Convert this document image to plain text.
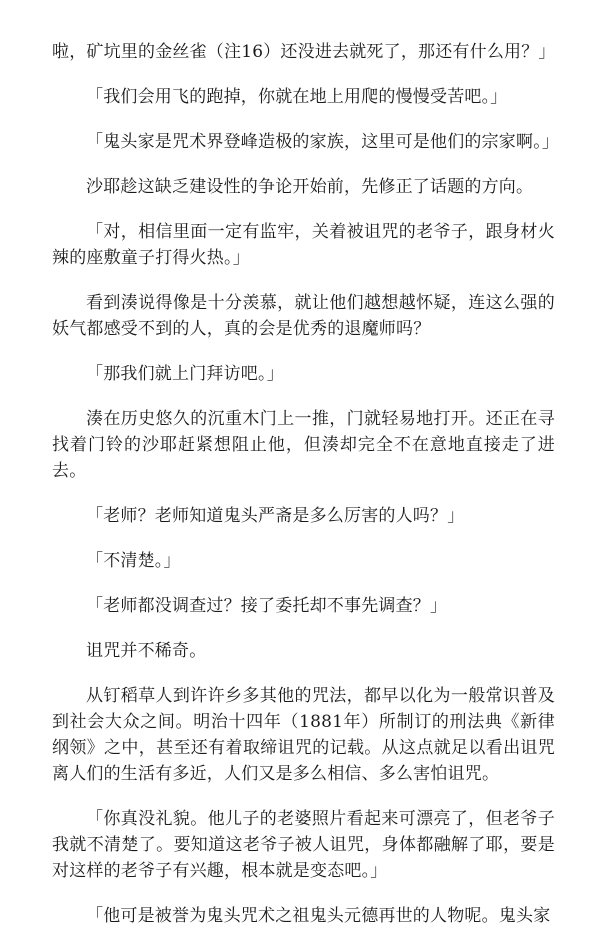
啦，矿坑里的金丝雀（注16）还没进去就死了，那还有什么用？」

「我们会用飞的跑掉，你就在地上用爬的慢慢受苦吧。」

「鬼头家是咒术界登峰造极的家族，这里可是他们的宗家啊。」

沙耶趁这缺乏建设性的争论开始前，先修正了话题的方向。

「对，相信里面一定有监牢，关着被诅咒的老爷子，跟身材火辣的座敷童子打得火热。」

看到湊说得像是十分羡慕，就让他们越想越怀疑，连这么强的妖气都感受不到的人，真的会是优秀的退魔师吗？

「那我们就上门拜访吧。」

湊在历史悠久的沉重木门上一推，门就轻易地打开。还正在寻找着门铃的沙耶赶紧想阻止他，但湊却完全不在意地直接走了进去。

「老师？老师知道鬼头严斋是多么厉害的人吗？」

「不清楚。」

「老师都没调查过？接了委托却不事先调查？」

诅咒并不稀奇。

从钉稻草人到许许乡多其他的咒法，都早以化为一般常识普及到社会大众之间。明治十四年（1881年）所制订的刑法典《新律纲领》之中，甚至还有着取缔诅咒的记载。从这点就足以看出诅咒离人们的生活有多近，人们又是多么相信、多么害怕诅咒。

「你真没礼貌。他儿子的老婆照片看起来可漂亮了，但老爷子我就不清楚了。要知道这老爷子被人诅咒，身体都融解了耶，要是对这样的老爷子有兴趣，根本就是变态吧。」

「他可是被誉为鬼头咒术之祖鬼头元德再世的人物呢。鬼头家
